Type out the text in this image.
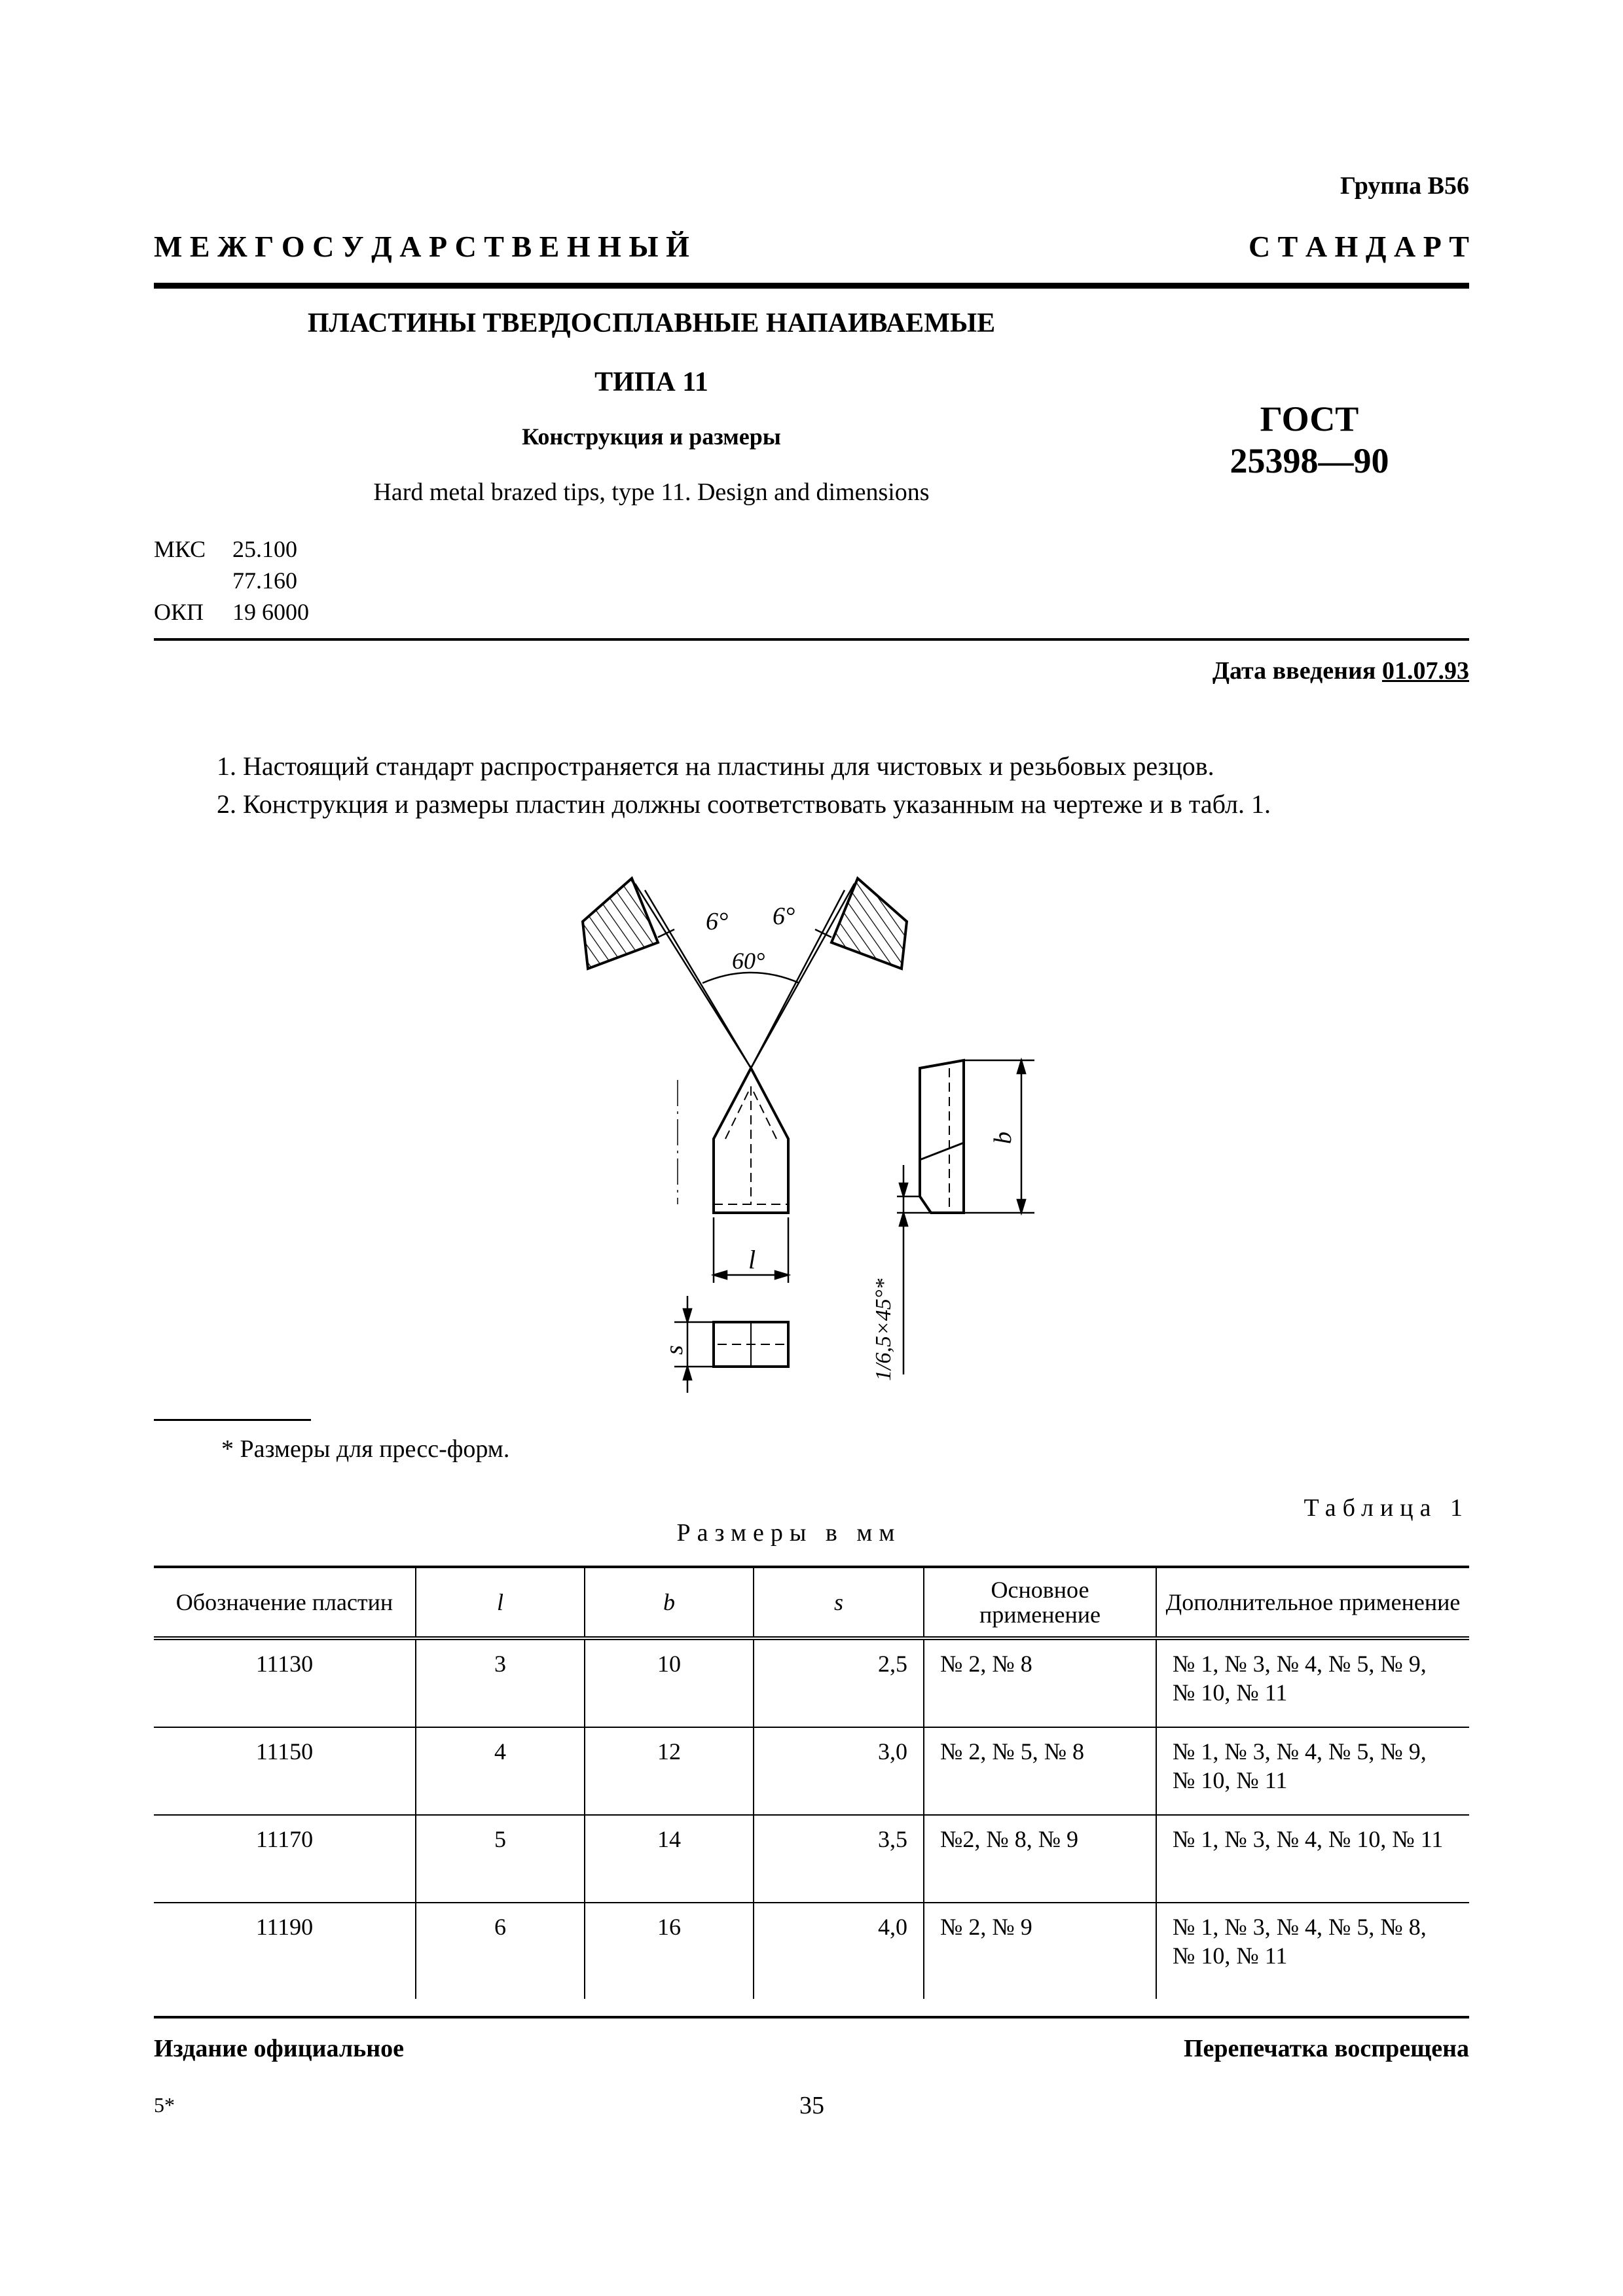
Группа В56
М Е Ж Г О С У Д А Р С Т В Е Н Н Ы Й	С Т А Н Д А Р Т
ПЛАСТИНЫ ТВЕРДОСПЛАВНЫЕ НАПАИВАЕМЫЕ
ТИПА 11
Конструкция и размеры
Hard metal brazed tips, type 11. Design and dimensions
ГОСТ
25398—90
МКС	25.100
77.160
ОКП	19 6000
Дата введения 01.07.93
1. Настоящий стандарт распространяется на пластины для чистовых и резьбовых резцов.
2. Конструкция и размеры пластин должны соответствовать указанным на чертеже и в табл. 1.
6° 6°
60°
l
s
b
1/6,5×45°*
* Размеры для пресс-форм.
Таблица 1
Размеры в мм
Обозначение пластин	l	b	s	Основное применение	Дополнительное применение
11130	3	10	2,5	№ 2, № 8	№ 1, № 3, № 4, № 5, № 9, № 10, № 11
11150	4	12	3,0	№ 2, № 5, № 8	№ 1, № 3, № 4, № 5, № 9, № 10, № 11
11170	5	14	3,5	№2, № 8, № 9	№ 1, № 3, № 4, № 10, № 11
11190	6	16	4,0	№ 2, № 9	№ 1, № 3, № 4, № 5, № 8, № 10, № 11
Издание официальное	Перепечатка воспрещена
5*	35
